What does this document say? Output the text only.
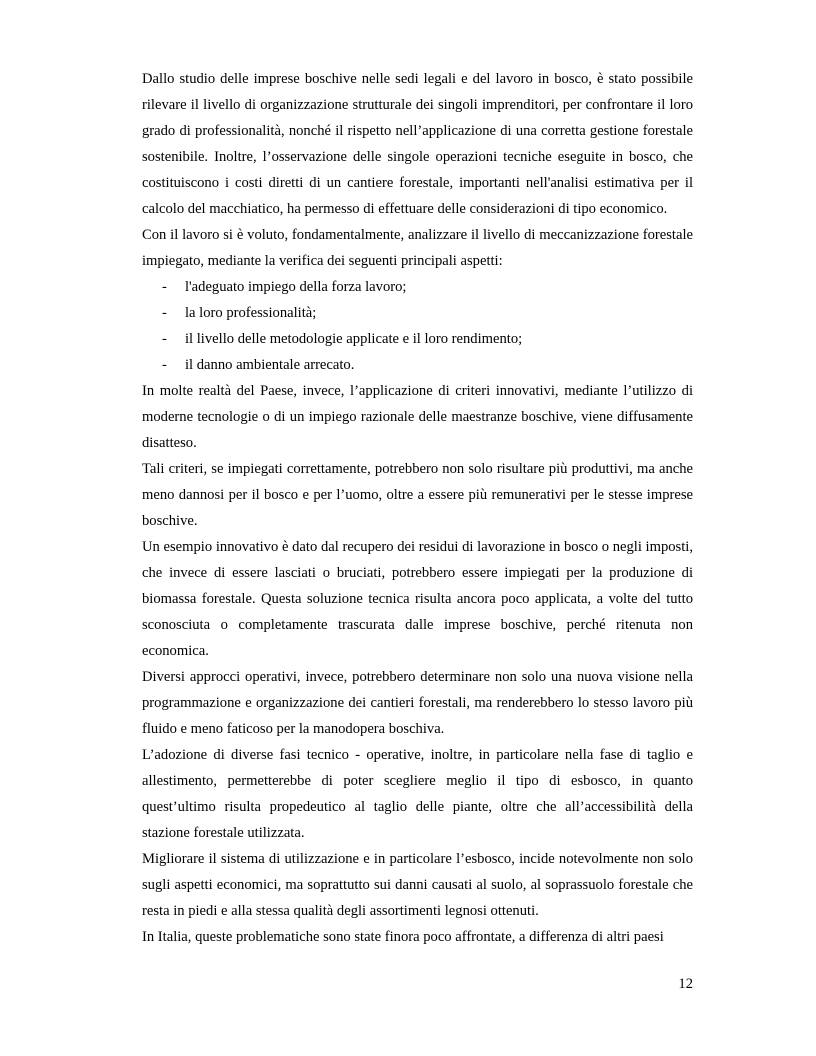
Dallo studio delle imprese boschive nelle sedi legali e del lavoro in bosco, è stato possibile rilevare il livello di organizzazione strutturale dei singoli imprenditori, per confrontare il loro grado di professionalità, nonché il rispetto nell’applicazione di una corretta gestione forestale sostenibile. Inoltre, l’osservazione delle singole operazioni tecniche eseguite in bosco, che costituiscono i costi diretti di un cantiere forestale, importanti nell'analisi estimativa per il calcolo del macchiatico, ha permesso di effettuare delle considerazioni di tipo economico.

Con il lavoro si è voluto, fondamentalmente, analizzare il livello di meccanizzazione forestale impiegato, mediante la verifica dei seguenti principali aspetti:

- l'adeguato impiego della forza lavoro;
- la loro professionalità;
- il livello delle metodologie applicate e il loro rendimento;
- il danno ambientale arrecato.

In molte realtà del Paese, invece, l’applicazione di criteri innovativi, mediante l’utilizzo di moderne tecnologie o di un impiego razionale delle maestranze boschive, viene diffusamente disatteso.

Tali criteri, se impiegati correttamente, potrebbero non solo risultare più produttivi, ma anche meno dannosi per il bosco e per l’uomo, oltre a essere più remunerativi per le stesse imprese boschive.

Un esempio innovativo è dato dal recupero dei residui di lavorazione in bosco o negli imposti, che invece di essere lasciati o bruciati, potrebbero essere impiegati per la produzione di biomassa forestale. Questa soluzione tecnica risulta ancora poco applicata, a volte del tutto sconosciuta o completamente trascurata dalle imprese boschive, perché ritenuta non economica.

Diversi approcci operativi, invece, potrebbero determinare non solo una nuova visione nella programmazione e organizzazione dei cantieri forestali, ma renderebbero lo stesso lavoro più fluido e meno faticoso per la manodopera boschiva.

L’adozione di diverse fasi tecnico - operative, inoltre, in particolare nella fase di taglio e allestimento, permetterebbe di poter scegliere meglio il tipo di esbosco, in quanto quest’ultimo risulta propedeutico al taglio delle piante, oltre che all’accessibilità della stazione forestale utilizzata.

Migliorare il sistema di utilizzazione e in particolare l’esbosco, incide notevolmente non solo sugli aspetti economici, ma soprattutto sui danni causati al suolo, al soprassuolo forestale che resta in piedi e alla stessa qualità degli assortimenti legnosi ottenuti.

In Italia, queste problematiche sono state finora poco affrontate, a differenza di altri paesi

12
